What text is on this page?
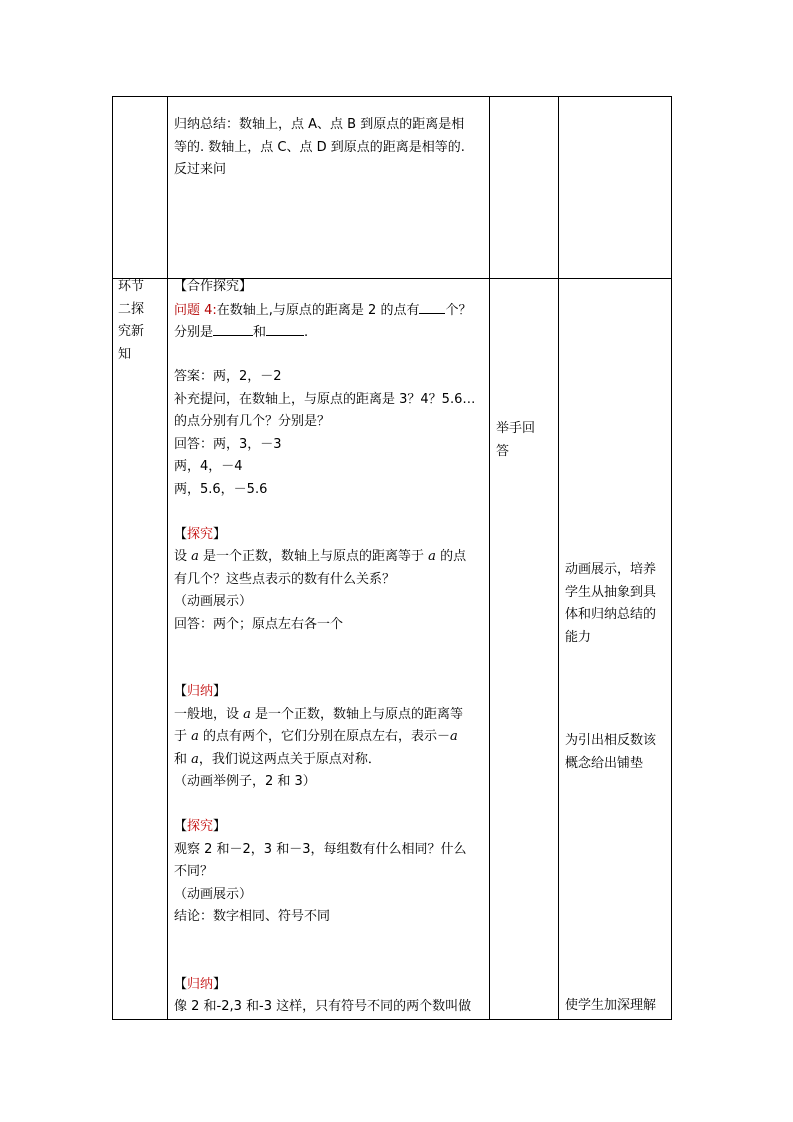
归纳总结：数轴上，点 A、点 B 到原点的距离是相
等的. 数轴上，点 C、点 D 到原点的距离是相等的.
反过来问
环节
二探
究新
知
【合作探究】
问题 4:在数轴上,与原点的距离是 2 的点有 个？
分别是	和	.
答案：两，2，－2
补充提问，在数轴上，与原点的距离是 3？4？5.6…
的点分别有几个？分别是？
回答：两，3，－3
两，4，－4
两，5.6，－5.6
【探究】
设 a 是一个正数，数轴上与原点的距离等于 a 的点
有几个？这些点表示的数有什么关系？
（动画展示）
回答：两个；原点左右各一个
【归纳】
一般地，设 a 是一个正数，数轴上与原点的距离等
于 a 的点有两个，它们分别在原点左右，表示－a
和 a，我们说这两点关于原点对称．
（动画举例子，2 和 3）
【探究】
观察 2 和－2，3 和－3，每组数有什么相同？什么
不同？
（动画展示）
结论：数字相同、符号不同
【归纳】
像 2 和-2,3 和-3 这样，只有符号不同的两个数叫做
举手回
答
动画展示，培养
学生从抽象到具
体和归纳总结的
能力
为引出相反数该
概念给出铺垫
使学生加深理解
